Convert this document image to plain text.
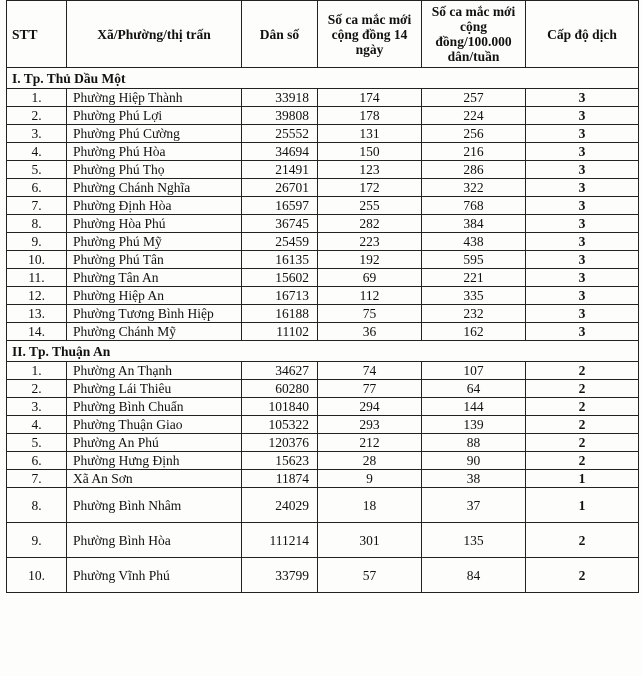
STT	Xã/Phường/thị trấn	Dân số	Số ca mắc mới cộng đồng 14 ngày	Số ca mắc mới cộng đồng/100.000 dân/tuần	Cấp độ dịch
I. Tp. Thủ Dầu Một					
1.	Phường Hiệp Thành	33918	174	257	3
2.	Phường Phú Lợi	39808	178	224	3
3.	Phường Phú Cường	25552	131	256	3
4.	Phường Phú Hòa	34694	150	216	3
5.	Phường Phú Thọ	21491	123	286	3
6.	Phường Chánh Nghĩa	26701	172	322	3
7.	Phường Định Hòa	16597	255	768	3
8.	Phường Hòa Phú	36745	282	384	3
9.	Phường Phú Mỹ	25459	223	438	3
10.	Phường Phú Tân	16135	192	595	3
11.	Phường Tân An	15602	69	221	3
12.	Phường Hiệp An	16713	112	335	3
13.	Phường Tương Bình Hiệp	16188	75	232	3
14.	Phường Chánh Mỹ	11102	36	162	3
II. Tp. Thuận An					
1.	Phường An Thạnh	34627	74	107	2
2.	Phường Lái Thiêu	60280	77	64	2
3.	Phường Bình Chuẩn	101840	294	144	2
4.	Phường Thuận Giao	105322	293	139	2
5.	Phường An Phú	120376	212	88	2
6.	Phường Hưng Định	15623	28	90	2
7.	Xã An Sơn	11874	9	38	1
8.	Phường Bình Nhâm	24029	18	37	1
9.	Phường Bình Hòa	111214	301	135	2
10.	Phường Vĩnh Phú	33799	57	84	2
